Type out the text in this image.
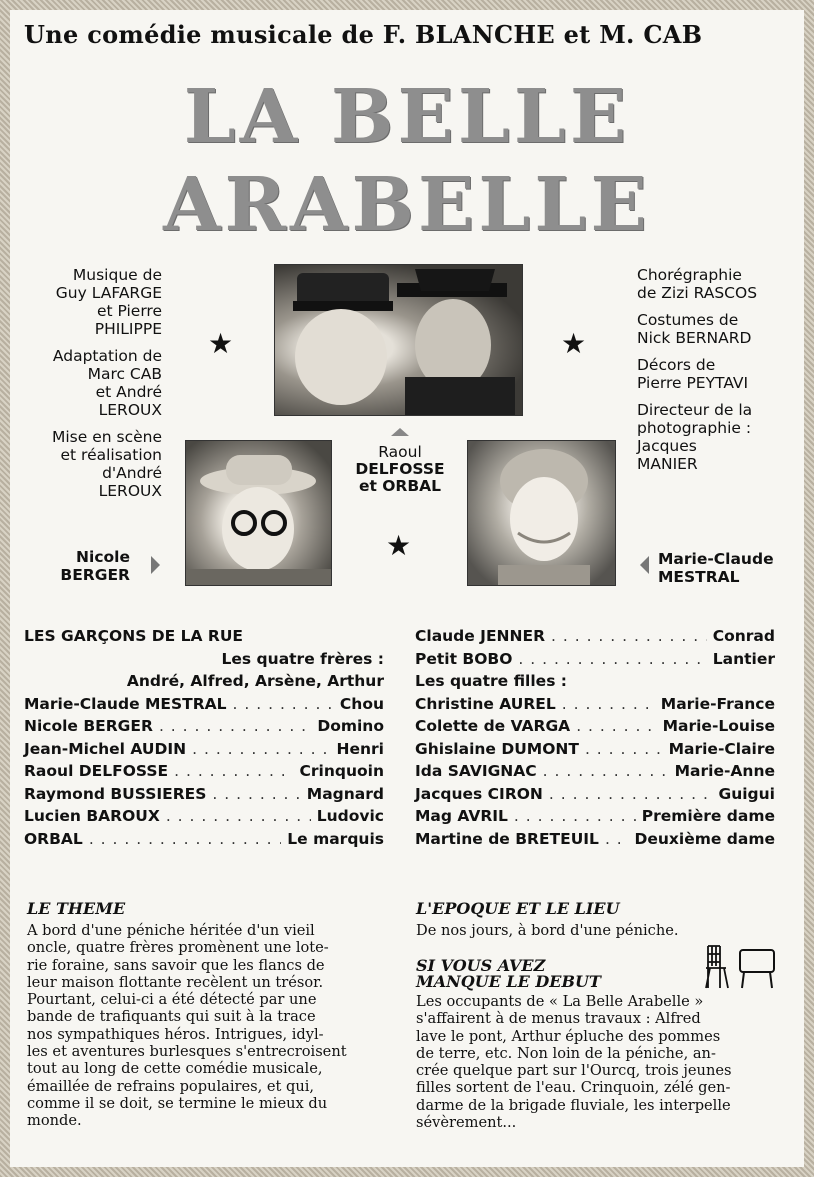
Une comédie musicale de F. BLANCHE et M. CAB
LA BELLE
ARABELLE

Musique de
Guy LAFARGE
et Pierre
PHILIPPE

Adaptation de
Marc CAB
et André
LEROUX

Mise en scène
et réalisation
d'André
LEROUX

Chorégraphie
de Zizi RASCOS

Costumes de
Nick BERNARD

Décors de
Pierre PEYTAVI

Directeur de la
photographie :
Jacques
MANIER

★	★
★
Raoul
DELFOSSE
et ORBAL
Nicole
BERGER
Marie-Claude
MESTRAL
LES GARÇONS DE LA RUE
Les quatre frères :
André, Alfred, Arsène, Arthur
Marie-Claude MESTRAL . . .	Chou
Nicole BERGER . . .	Domino
Jean-Michel AUDIN . . .	Henri
Raoul DELFOSSE . . .	Crinquoin
Raymond BUSSIERES . . .	Magnard
Lucien BAROUX . . .	Ludovic
ORBAL . . .	Le marquis
Claude JENNER . . .	Conrad
Petit BOBO . . .	Lantier
Les quatre filles :
Christine AUREL . . .	Marie-France
Colette de VARGA . . .	Marie-Louise
Ghislaine DUMONT . . .	Marie-Claire
Ida SAVIGNAC . . .	Marie-Anne
Jacques CIRON . . .	Guigui
Mag AVRIL . . .	Première dame
Martine de BRETEUIL . . . Deuxième dame
LE THEME
A bord d'une péniche héritée d'un vieil
oncle, quatre frères promènent une lote-
rie foraine, sans savoir que les flancs de
leur maison flottante recèlent un trésor.
Pourtant, celui-ci a été détecté par une
bande de trafiquants qui suit à la trace
nos sympathiques héros. Intrigues, idyl-
les et aventures burlesques s'entrecroisent
tout au long de cette comédie musicale,
émaillée de refrains populaires, et qui,
comme il se doit, se termine le mieux du
monde.
L'EPOQUE ET LE LIEU
De nos jours, à bord d'une péniche.
SI VOUS AVEZ
MANQUE LE DEBUT
Les occupants de « La Belle Arabelle »
s'affairent à de menus travaux : Alfred
lave le pont, Arthur épluche des pommes
de terre, etc. Non loin de la péniche, an-
crée quelque part sur l'Ourcq, trois jeunes
filles sortent de l'eau. Crinquoin, zélé gen-
darme de la brigade fluviale, les interpelle
sévèrement...
